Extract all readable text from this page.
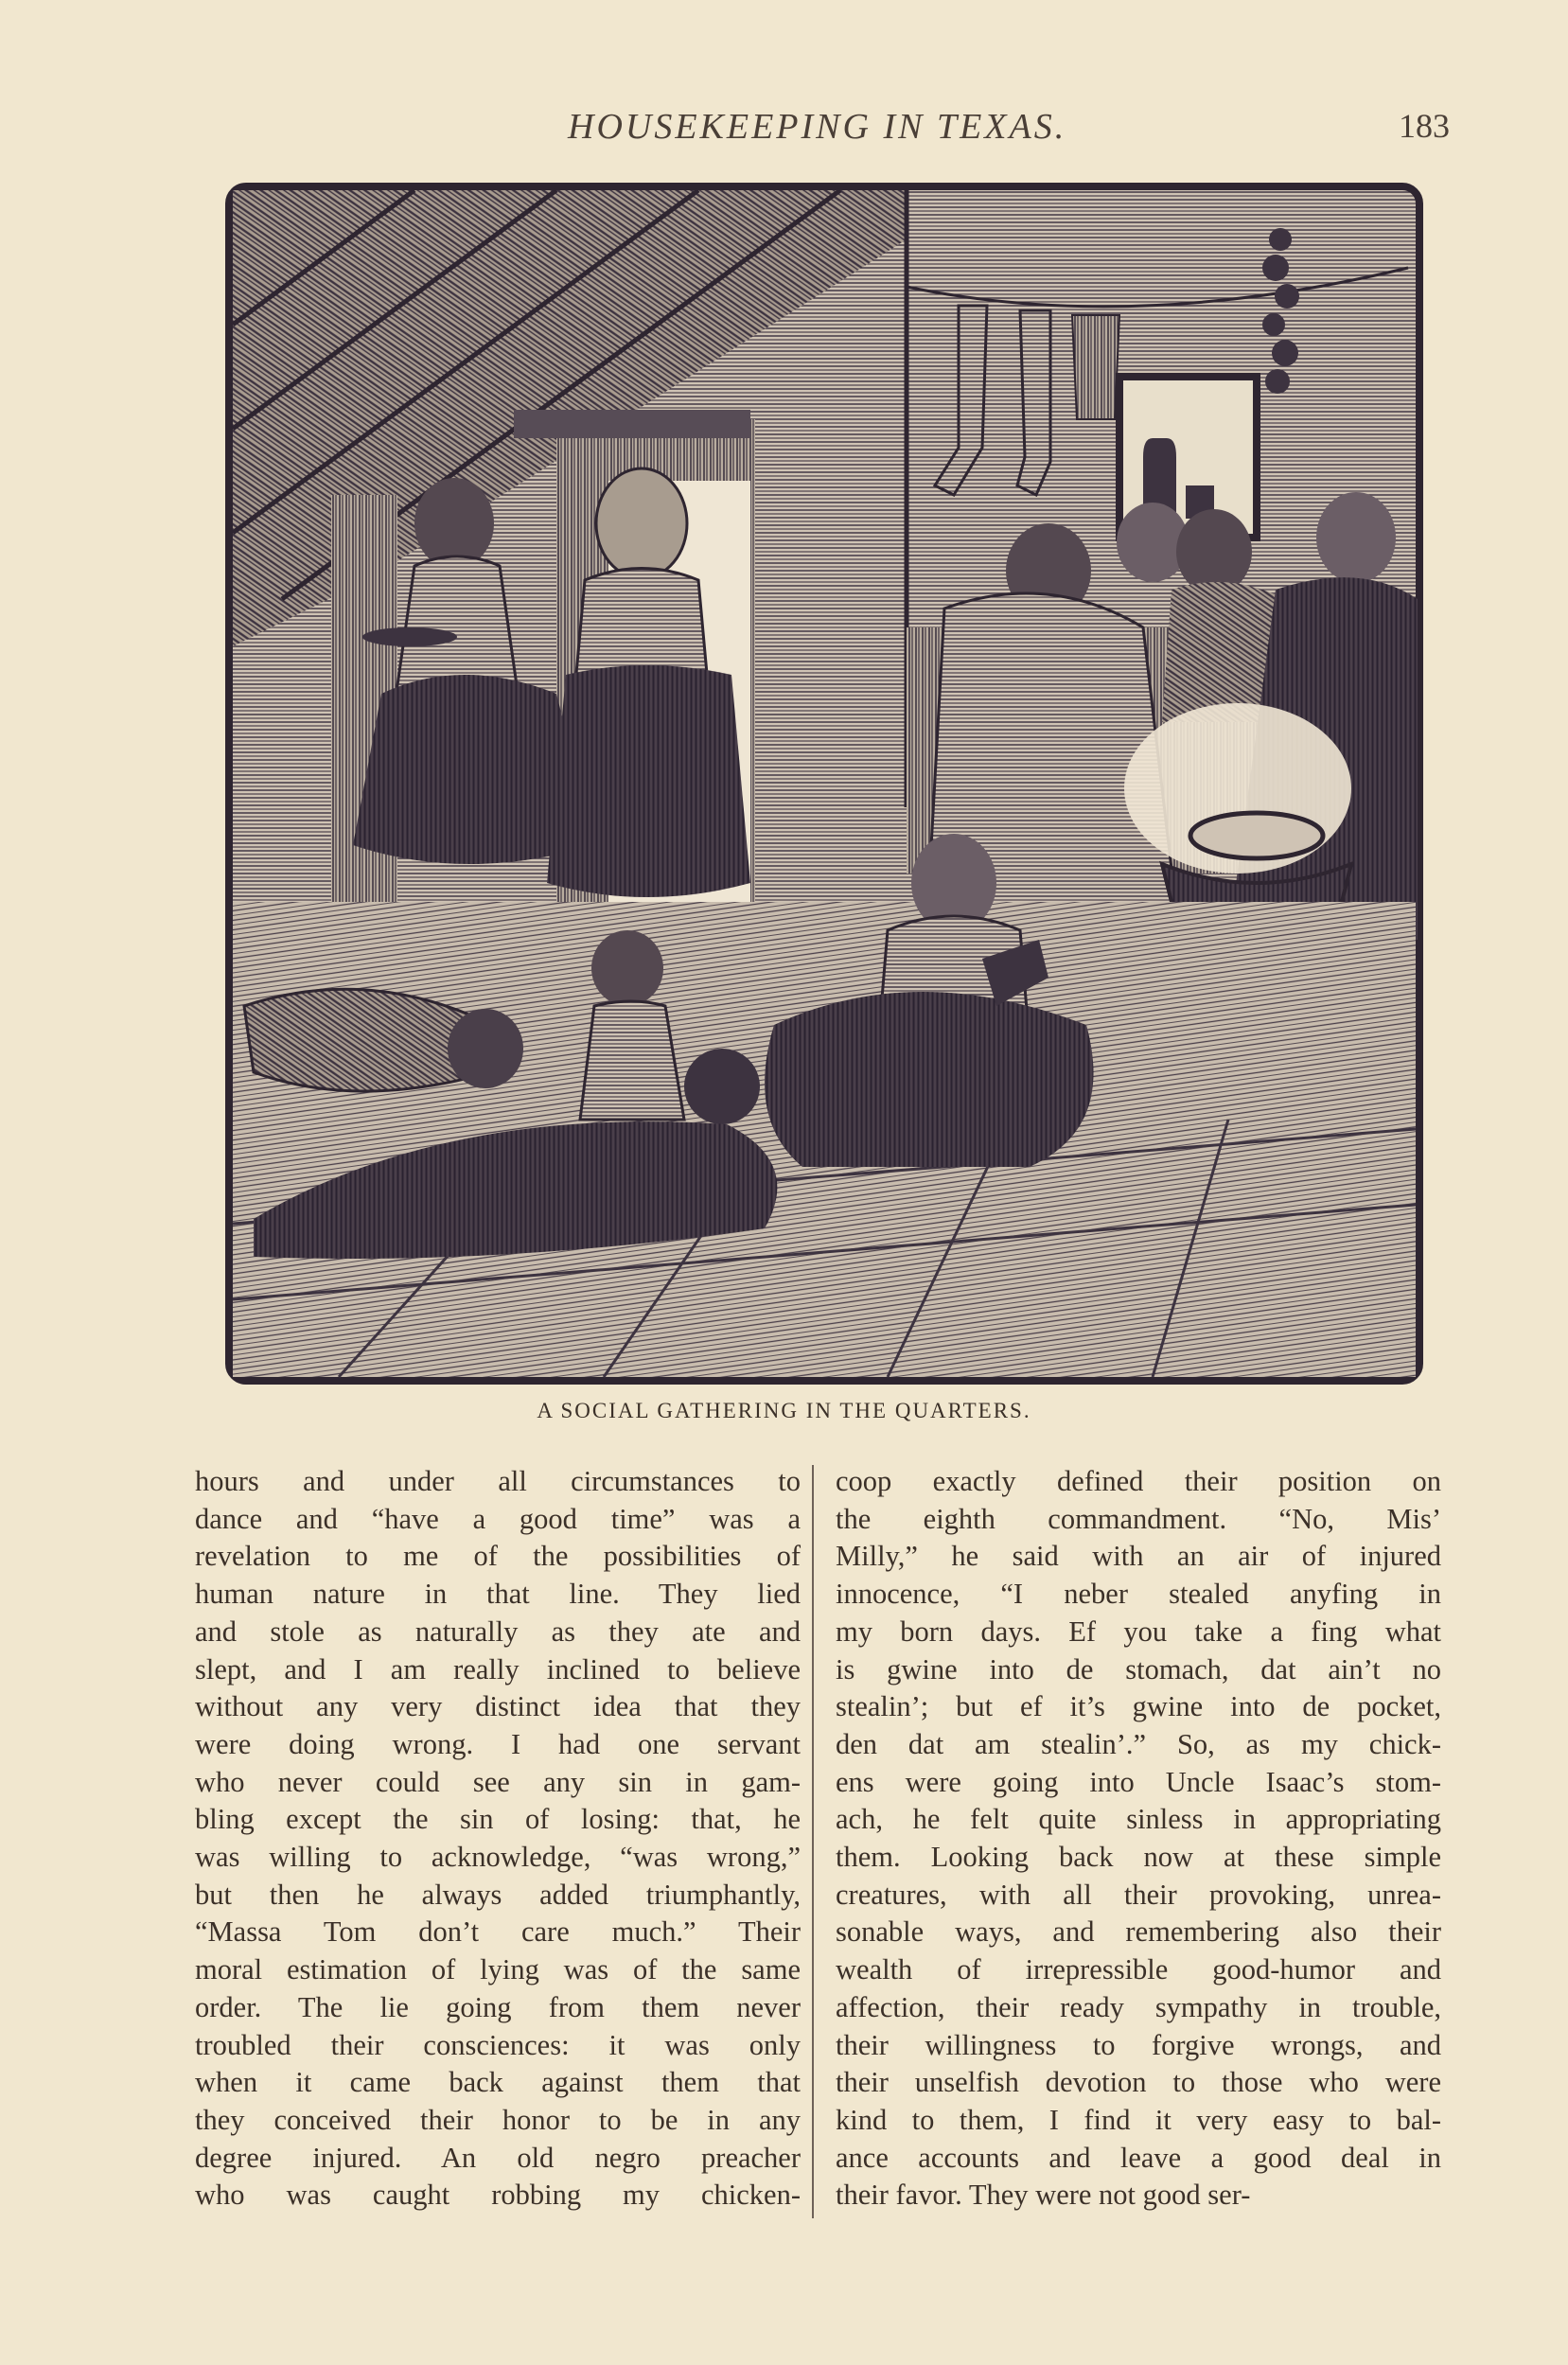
HOUSEKEEPING IN TEXAS.	183
A SOCIAL GATHERING IN THE QUARTERS.

hours and under all circumstances to
dance and “have a good time” was a
revelation to me of the possibilities of
human nature in that line. They lied
and stole as naturally as they ate and
slept, and I am really inclined to believe
without any very distinct idea that they
were doing wrong. I had one servant
who never could see any sin in gam-
bling except the sin of losing: that, he
was willing to acknowledge, “was wrong,”
but then he always added triumphantly,
“Massa Tom don’t care much.” Their
moral estimation of lying was of the same
order. The lie going from them never
troubled their consciences: it was only
when it came back against them that
they conceived their honor to be in any
degree injured. An old negro preacher
who was caught robbing my chicken-

coop exactly defined their position on
the eighth commandment. “No, Mis’
Milly,” he said with an air of injured
innocence, “I neber stealed anyfing in
my born days. Ef you take a fing what
is gwine into de stomach, dat ain’t no
stealin’; but ef it’s gwine into de pocket,
den dat am stealin’.” So, as my chick-
ens were going into Uncle Isaac’s stom-
ach, he felt quite sinless in appropriating
them. Looking back now at these simple
creatures, with all their provoking, unrea-
sonable ways, and remembering also their
wealth of irrepressible good-humor and
affection, their ready sympathy in trouble,
their willingness to forgive wrongs, and
their unselfish devotion to those who were
kind to them, I find it very easy to bal-
ance accounts and leave a good deal in
their favor. They were not good ser-
